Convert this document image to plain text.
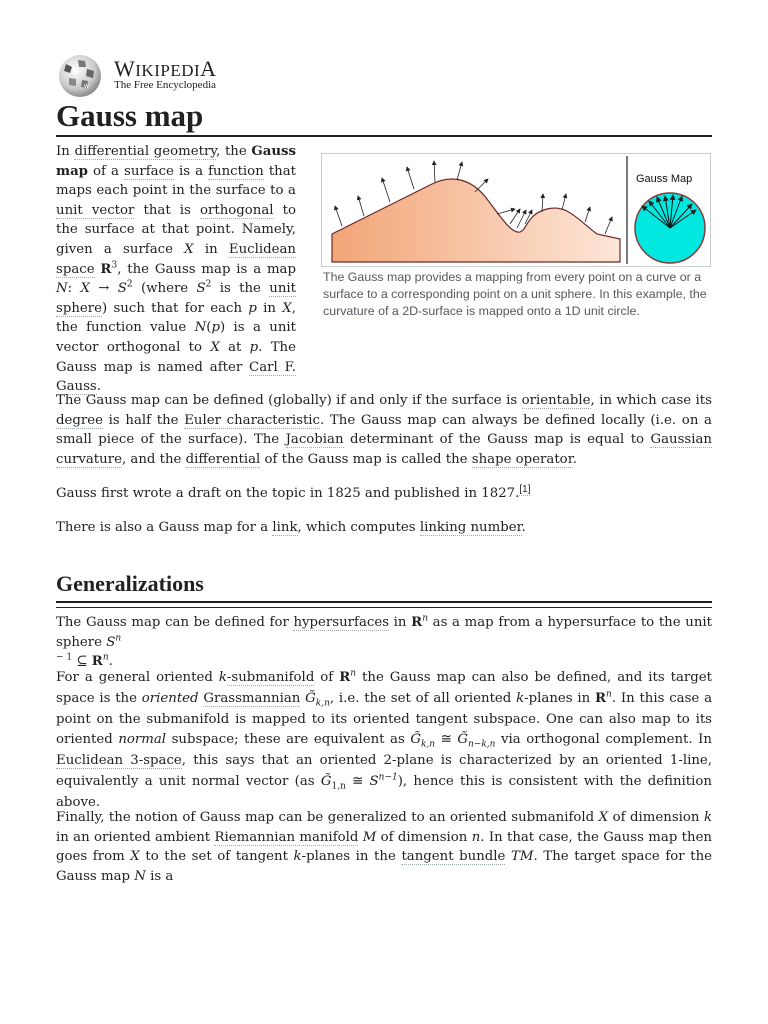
Ω
W
WIKIPEDIA
The Free Encyclopedia
Gauss map
In differential geometry, the Gauss map of a surface is a function that maps each point in the surface to a unit vector that is orthogonal to the surface at that point. Namely, given a surface X in Euclidean space $R^3$, the Gauss map is a map N: $X \to S^2$ (where $S^2$ is the unit sphere) such that for each p in X, the function value N(p) is a unit vector orthogonal to X at p. The Gauss map is named after Carl F. Gauss.
Gauss Map
The Gauss map provides a mapping from every point on a curve or a surface to a corresponding point on a unit sphere. In this example, the curvature of a 2D-surface is mapped onto a 1D unit circle.

The Gauss map can be defined (globally) if and only if the surface is orientable, in which case its degree is half the Euler characteristic. The Gauss map can always be defined locally (i.e. on a small piece of the surface). The Jacobian determinant of the Gauss map is equal to Gaussian curvature, and the differential of the Gauss map is called the shape operator.

Gauss first wrote a draft on the topic in 1825 and published in 1827.[1]

There is also a Gauss map for a link, which computes linking number.

Generalizations

The Gauss map can be defined for hypersurfaces in $R^n$ as a map from a hypersurface to the unit sphere $S^n$
$^{- 1}$ ⊆ $R^n$.

For a general oriented k-submanifold of $R^n$ the Gauss map can also be defined, and its target space is the oriented Grassmannian $G̃_{k,n}$, i.e. the set of all oriented k-planes in $R^n$. In this case a point on the submanifold is mapped to its oriented tangent subspace. One can also map to its oriented normal subspace; these are equivalent as $G̃_{k,n}$ ≅ $G̃_{n-k,n}$ via orthogonal complement. In Euclidean 3-space, this says that an oriented 2-plane is characterized by an oriented 1-line, equivalently a unit normal vector (as $G̃_{1,n}$ ≅ $S^{n-1}$), hence this is consistent with the definition above.

Finally, the notion of Gauss map can be generalized to an oriented submanifold X of dimension k in an oriented ambient Riemannian manifold M of dimension n. In that case, the Gauss map then goes from X to the set of tangent k-planes in the tangent bundle TM. The target space for the Gauss map N is a
